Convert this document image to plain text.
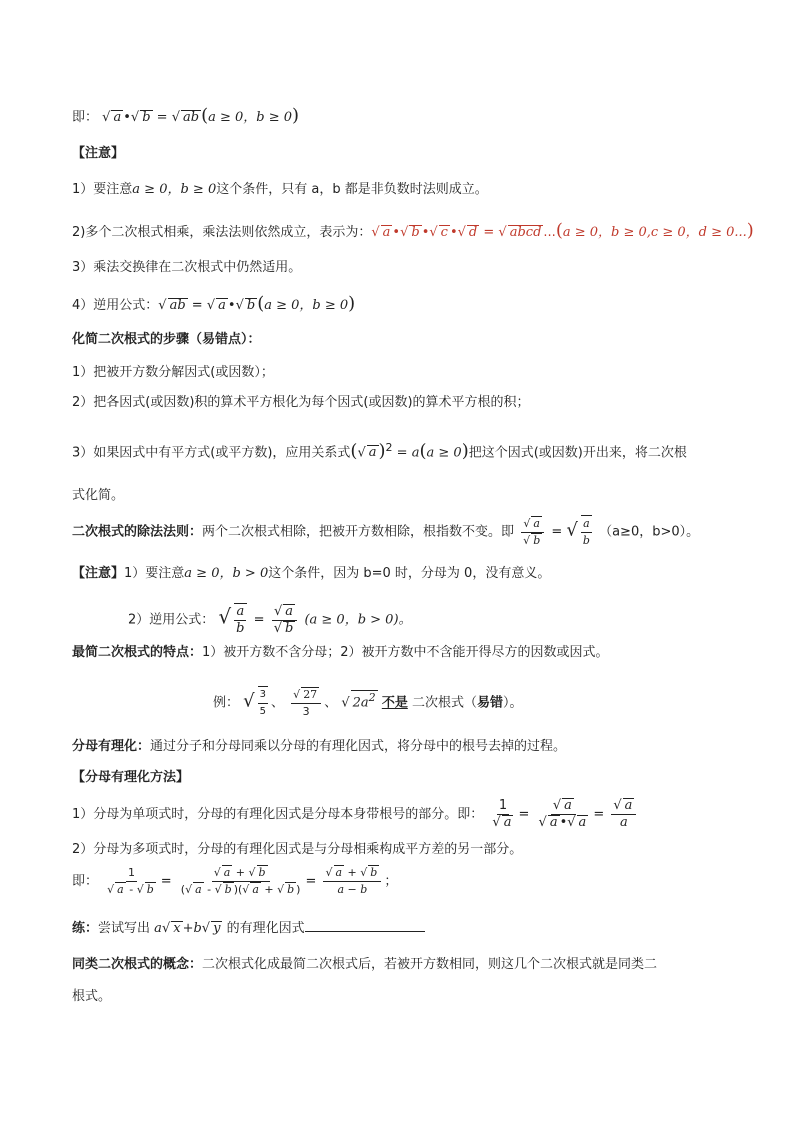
即： √ a •√ b = √ ab (a ≥ 0，b ≥ 0)
【注意】
1）要注意a ≥ 0，b ≥ 0这个条件，只有 a，b 都是非负数时法则成立。
2)多个二次根式相乘，乘法法则依然成立，表示为：√ a •√ b •√ c •√ d = √ abcd ...(a ≥ 0，b ≥ 0,c ≥ 0，d ≥ 0...)
3）乘法交换律在二次根式中仍然适用。
4）逆用公式：√ ab = √ a •√ b (a ≥ 0，b ≥ 0)
化简二次根式的步骤（易错点）：
1）把被开方数分解因式(或因数）；
2）把各因式(或因数)积的算术平方根化为每个因式(或因数)的算术平方根的积；
3）如果因式中有平方式(或平方数)，应用关系式(√ a )$^2$ = a(a ≥ 0)把这个因式(或因数)开出来，将二次根
式化简。
二次根式的除法法则：两个二次根式相除，把被开方数相除，根指数不变。即 $\frac{√ a}{√ b}$ = √ $\frac{a}{b} (a\ge 0$，b>0）。
【注意】1）要注意a ≥ 0，b > 0这个条件，因为 b=0 时，分母为 0，没有意义。
2）逆用公式： √ $\frac{a}{b} = \frac{√ a}{√ b} (a \ge 0$，b > 0)。
最简二次根式的特点：1）被开方数不含分母；2）被开方数中不含能开得尽方的因数或因式。
例： √ $\frac{3}{5}$ 、 $\frac{√ 27}{3}$ 、 √ $2a^2$ 不是 二次根式（易错）。
分母有理化：通过分子和分母同乘以分母的有理化因式，将分母中的根号去掉的过程。
【分母有理化方法】
1）分母为单项式时，分母的有理化因式是分母本身带根号的部分。即： $\frac{1}{√ a} = \frac{√ a}{√ a •√ a} = \frac{√ a}{a}$
2）分母为多项式时，分母的有理化因式是与分母相乘构成平方差的另一部分。
即： $\frac{1}{√ a - √ b} = \frac{√ a + √ b}{(√ a - √ b )(√ a + √ b )} = \frac{√ a + √ b}{a - b}$ ；
练：尝试写出 a√ x +b√ y 的有理化因式
同类二次根式的概念：二次根式化成最简二次根式后，若被开方数相同，则这几个二次根式就是同类二
根式。
